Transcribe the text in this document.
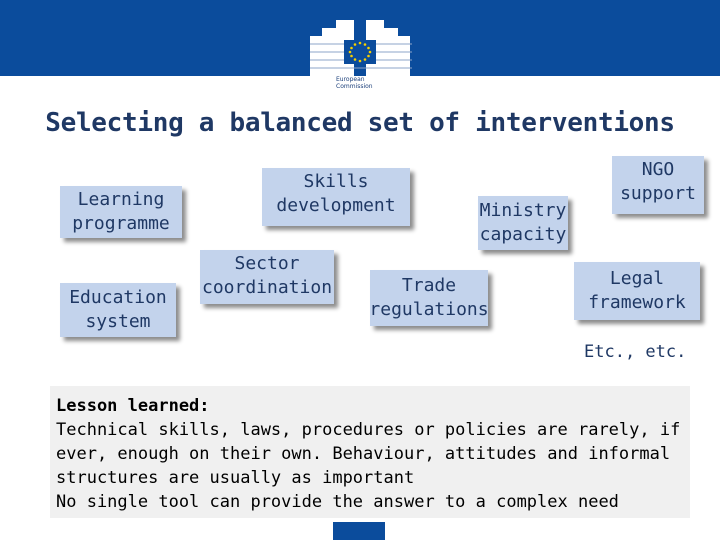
European
Commission
Selecting a balanced set of interventions
Learning
programme
Skills
development	Ministry
capacity
NGO
support
Education
system
Sector
coordination	Trade
regulations
Legal
framework
Etc., etc.
Lesson learned:
Technical skills, laws, procedures or policies are rarely, if
ever, enough on their own. Behaviour, attitudes and informal
structures are usually as important
No single tool can provide the answer to a complex need
